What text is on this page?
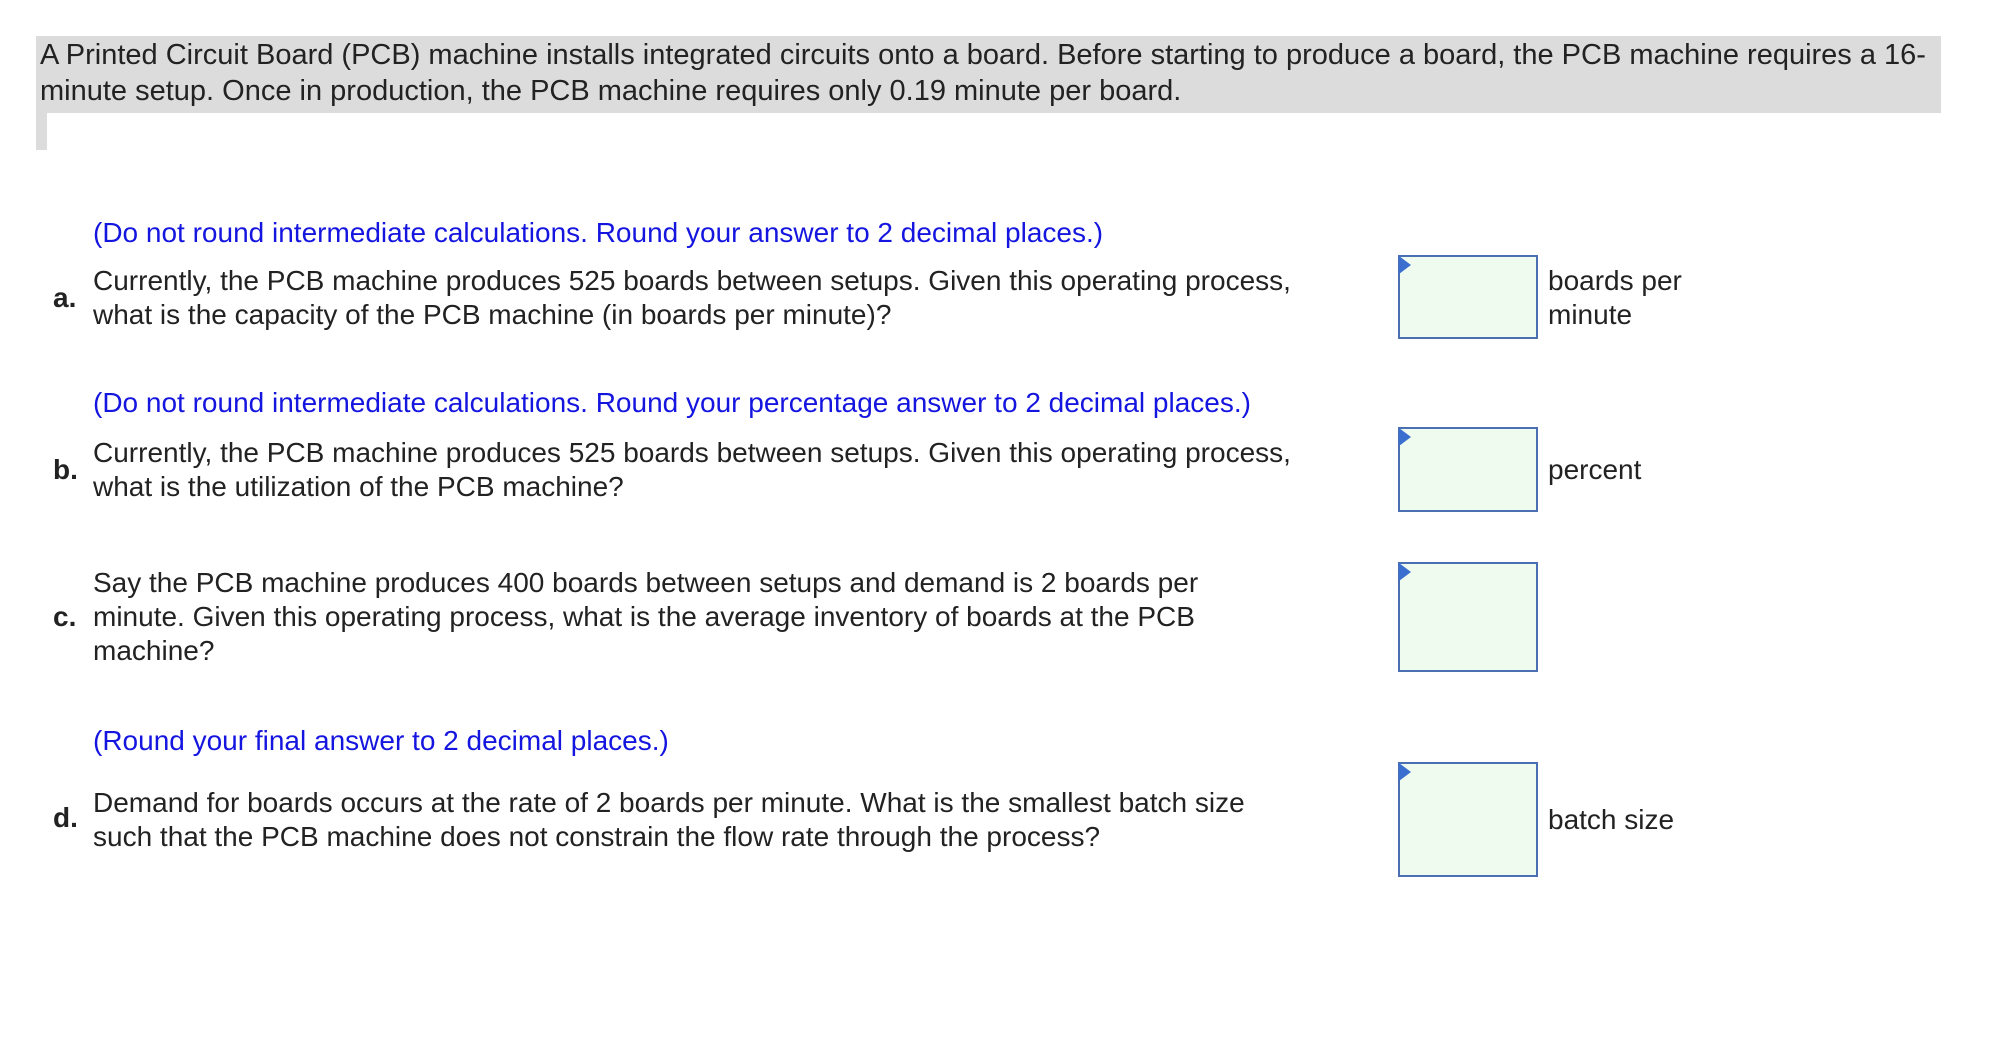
A Printed Circuit Board (PCB) machine installs integrated circuits onto a board. Before starting to produce a board, the PCB machine requires a 16-minute setup. Once in production, the PCB machine requires only 0.19 minute per board.
(Do not round intermediate calculations. Round your answer to 2 decimal places.)
a.
Currently, the PCB machine produces 525 boards between setups. Given this operating process,
what is the capacity of the PCB machine (in boards per minute)?
boards per
minute
(Do not round intermediate calculations. Round your percentage answer to 2 decimal places.)
b.
Currently, the PCB machine produces 525 boards between setups. Given this operating process,
what is the utilization of the PCB machine?
percent
c.
Say the PCB machine produces 400 boards between setups and demand is 2 boards per
minute. Given this operating process, what is the average inventory of boards at the PCB
machine?
(Round your final answer to 2 decimal places.)
d. Demand for boards occurs at the rate of 2 boards per minute. What is the smallest batch size
such that the PCB machine does not constrain the flow rate through the process?
batch size
